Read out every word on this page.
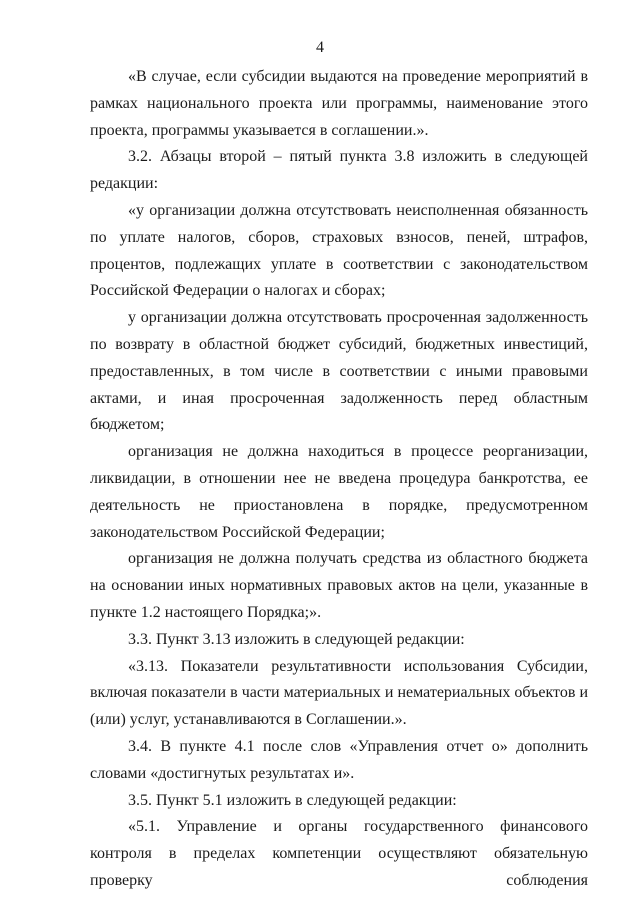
4

«В случае, если субсидии выдаются на проведение мероприятий в рамках национального проекта или программы, наименование этого проекта, программы указывается в соглашении.».

3.2. Абзацы второй – пятый пункта 3.8 изложить в следующей редакции:

«у организации должна отсутствовать неисполненная обязанность по уплате налогов, сборов, страховых взносов, пеней, штрафов, процентов, подлежащих уплате в соответствии с законодательством Российской Федерации о налогах и сборах;

у организации должна отсутствовать просроченная задолженность по возврату в областной бюджет субсидий, бюджетных инвестиций, предоставленных, в том числе в соответствии с иными правовыми актами, и иная просроченная задолженность перед областным бюджетом;

организация не должна находиться в процессе реорганизации, ликвидации, в отношении нее не введена процедура банкротства, ее деятельность не приостановлена в порядке, предусмотренном законодательством Российской Федерации;

организация не должна получать средства из областного бюджета на основании иных нормативных правовых актов на цели, указанные в пункте 1.2 настоящего Порядка;».

3.3. Пункт 3.13 изложить в следующей редакции:

«3.13. Показатели результативности использования Субсидии, включая показатели в части материальных и нематериальных объектов и (или) услуг, устанавливаются в Соглашении.».

3.4. В пункте 4.1 после слов «Управления отчет о» дополнить словами «достигнутых результатах и».

3.5. Пункт 5.1 изложить в следующей редакции:

«5.1. Управление и органы государственного финансового контроля в пределах компетенции осуществляют обязательную проверку соблюдения
